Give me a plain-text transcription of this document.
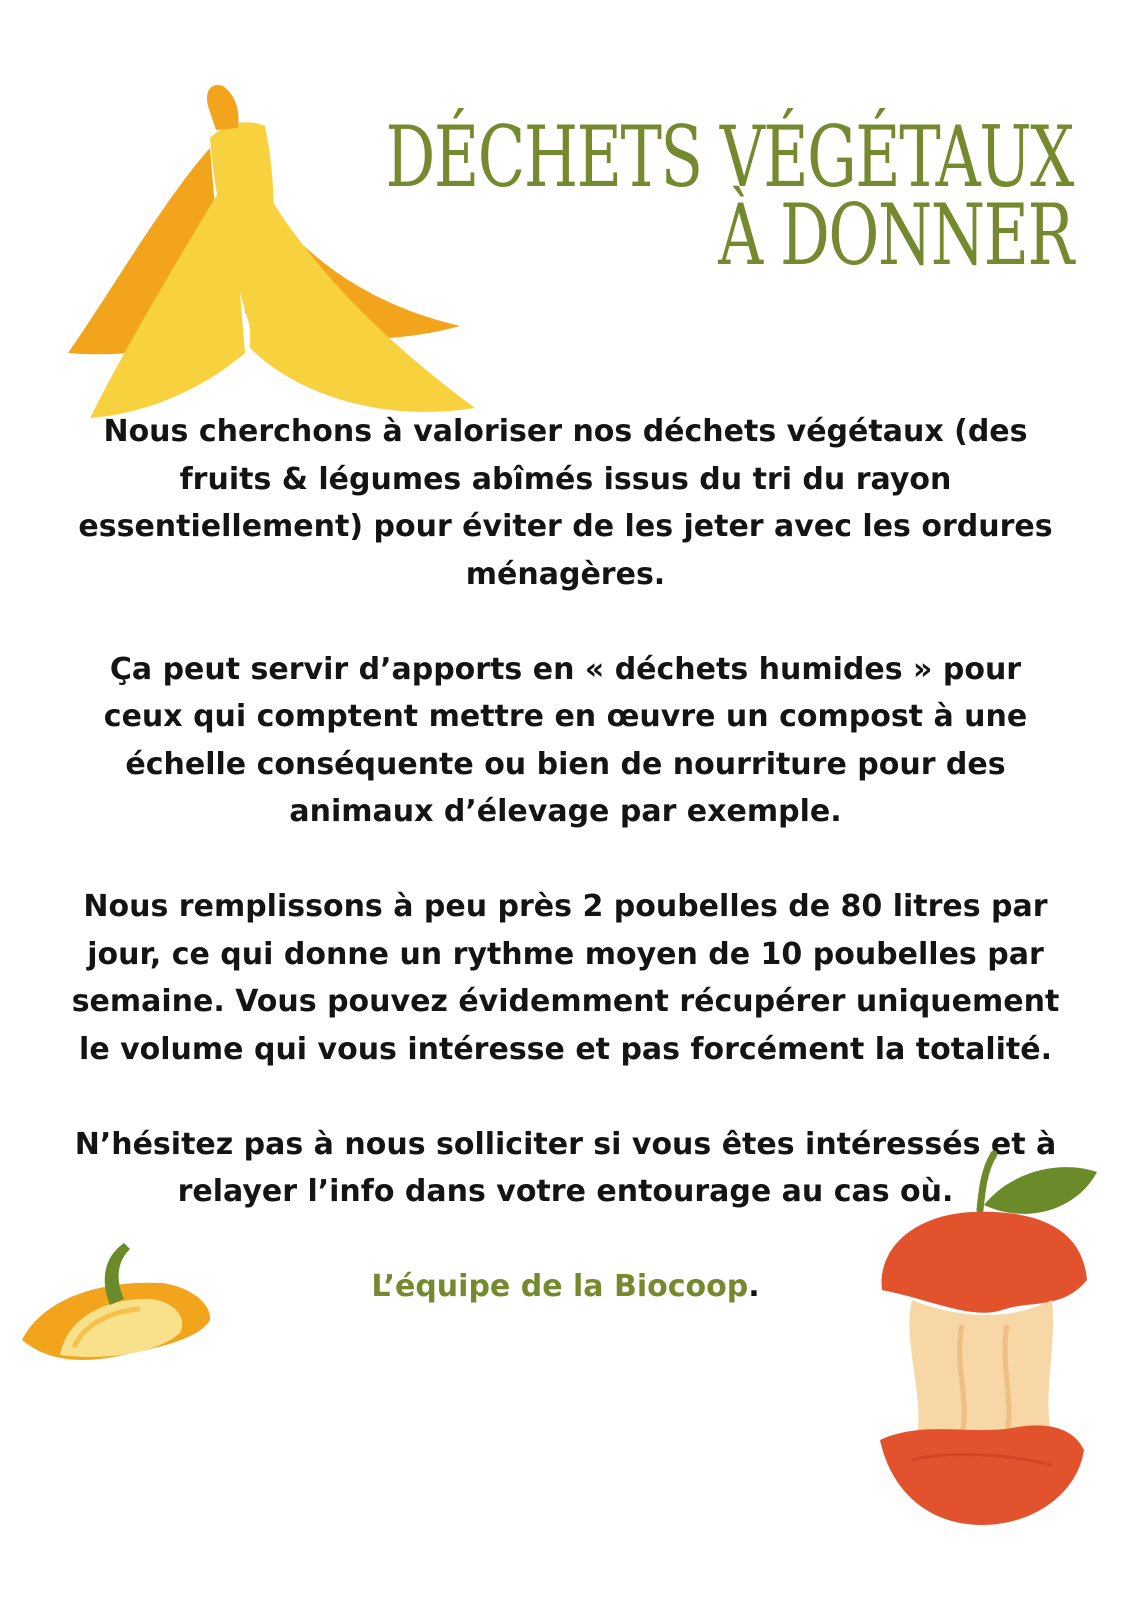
DÉCHETS VÉGÉTAUX
À DONNER

Nous cherchons à valoriser nos déchets végétaux (des fruits & légumes abîmés issus du tri du rayon essentiellement) pour éviter de les jeter avec les ordures ménagères.

Ça peut servir d’apports en « déchets humides » pour ceux qui comptent mettre en œuvre un compost à une échelle conséquente ou bien de nourriture pour des animaux d’élevage par exemple.

Nous remplissons à peu près 2 poubelles de 80 litres par jour, ce qui donne un rythme moyen de 10 poubelles par semaine. Vous pouvez évidemment récupérer uniquement le volume qui vous intéresse et pas forcément la totalité.

N’hésitez pas à nous solliciter si vous êtes intéressés et à relayer l’info dans votre entourage au cas où.

L’équipe de la Biocoop.
